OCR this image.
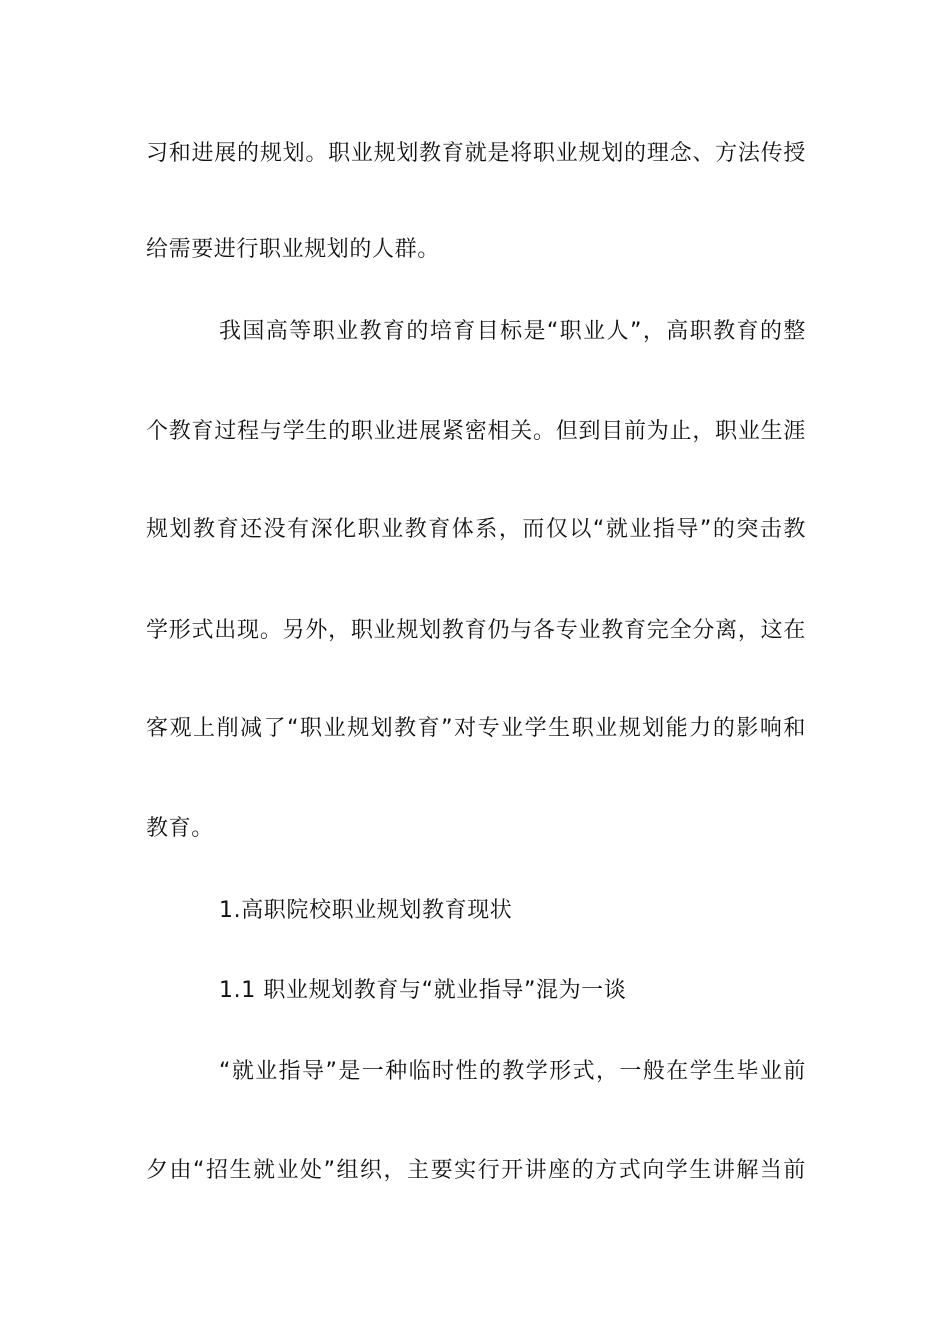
习和进展的规划。职业规划教育就是将职业规划的理念、方法传授
给需要进行职业规划的人群。
我国高等职业教育的培育目标是“职业人”，高职教育的整
个教育过程与学生的职业进展紧密相关。但到目前为止，职业生涯
规划教育还没有深化职业教育体系，而仅以“就业指导”的突击教
学形式出现。另外，职业规划教育仍与各专业教育完全分离，这在
客观上削减了“职业规划教育”对专业学生职业规划能力的影响和
教育。
1.高职院校职业规划教育现状
1.1 职业规划教育与“就业指导”混为一谈
“就业指导”是一种临时性的教学形式，一般在学生毕业前
夕由“招生就业处”组织，主要实行开讲座的方式向学生讲解当前
